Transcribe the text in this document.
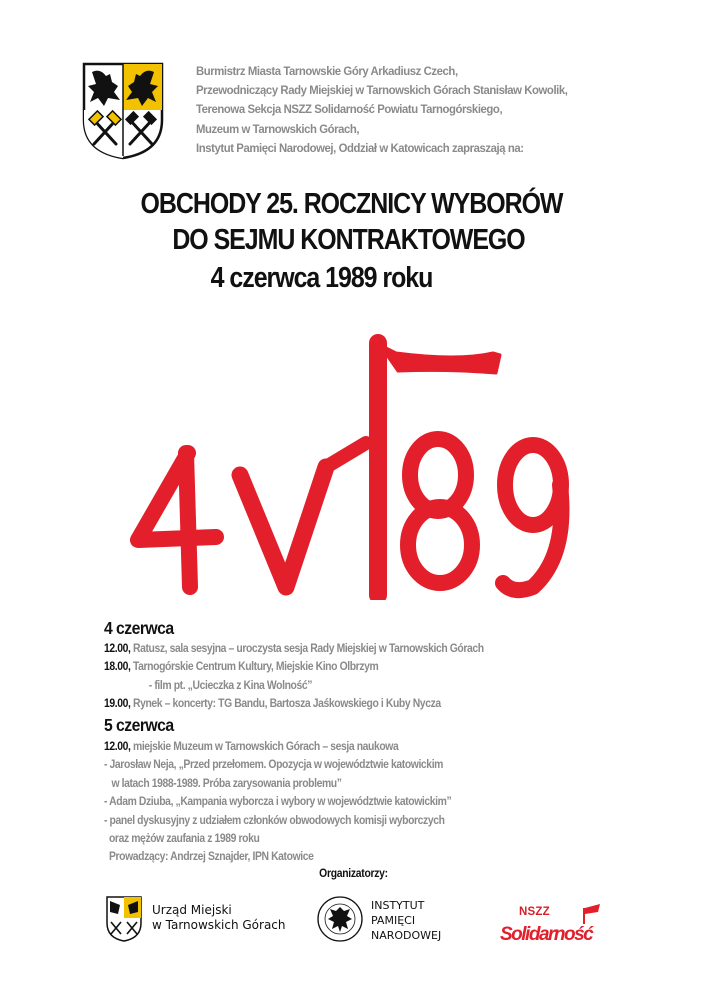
Burmistrz Miasta Tarnowskie Góry Arkadiusz Czech,
Przewodniczący Rady Miejskiej w Tarnowskich Górach Stanisław Kowolik,
Terenowa Sekcja NSZZ Solidarność Powiatu Tarnogórskiego,
Muzeum w Tarnowskich Górach,
Instytut Pamięci Narodowej, Oddział w Katowicach zapraszają na:
OBCHODY 25. ROCZNICY WYBORÓW
DO SEJMU KONTRAKTOWEGO
4 czerwca 1989 roku
4 czerwca
12.00, Ratusz, sala sesyjna – uroczysta sesja Rady Miejskiej w Tarnowskich Górach
18.00, Tarnogórskie Centrum Kultury, Miejskie Kino Olbrzym
- film pt. „Ucieczka z Kina Wolność”
19.00, Rynek – koncerty: TG Bandu, Bartosza Jaśkowskiego i Kuby Nycza
5 czerwca
12.00, miejskie Muzeum w Tarnowskich Górach – sesja naukowa
- Jarosław Neja, „Przed przełomem. Opozycja w województwie katowickim
w latach 1988-1989. Próba zarysowania problemu”
- Adam Dziuba, „Kampania wyborcza i wybory w województwie katowickim”
- panel dyskusyjny z udziałem członków obwodowych komisji wyborczych
oraz mężów zaufania z 1989 roku
Prowadzący: Andrzej Sznajder, IPN Katowice
Organizatorzy:
Urząd Miejski
w Tarnowskich Górach
INSTYTUT
PAMIĘCI
NARODOWEJ
NSZZ
Solidarność
